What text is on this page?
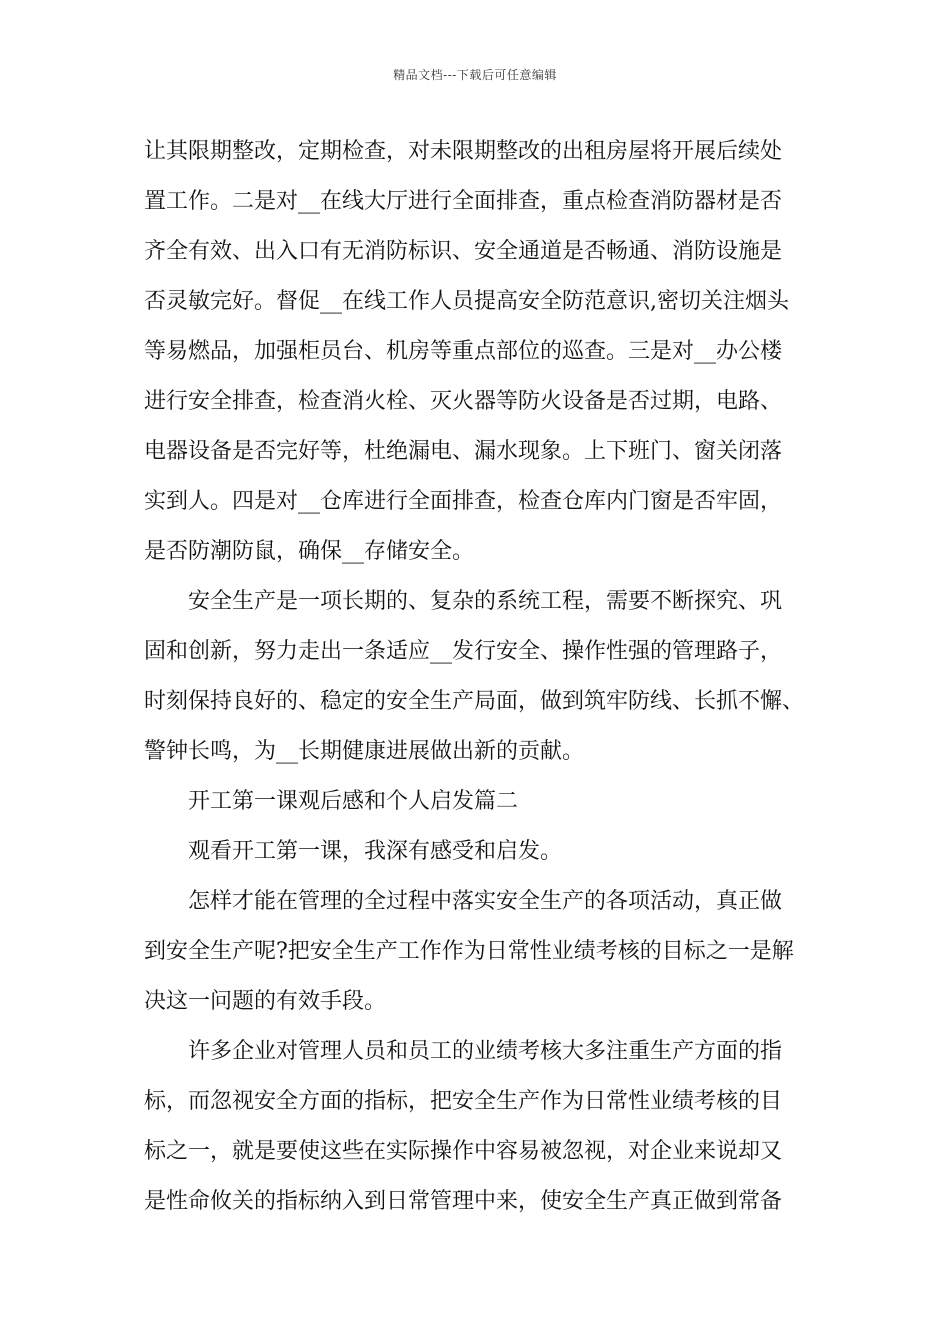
精品文档---下载后可任意编辑

让其限期整改，定期检查，对未限期整改的出租房屋将开展后续处

置工作。二是对__在线大厅进行全面排查，重点检查消防器材是否

齐全有效、出入口有无消防标识、安全通道是否畅通、消防设施是

否灵敏完好。督促__在线工作人员提高安全防范意识,密切关注烟头

等易燃品，加强柜员台、机房等重点部位的巡查。三是对__办公楼

进行安全排查，检查消火栓、灭火器等防火设备是否过期，电路、

电器设备是否完好等，杜绝漏电、漏水现象。上下班门、窗关闭落

实到人。四是对__仓库进行全面排查，检查仓库内门窗是否牢固，

是否防潮防鼠，确保__存储安全。

安全生产是一项长期的、复杂的系统工程，需要不断探究、巩

固和创新，努力走出一条适应__发行安全、操作性强的管理路子，

时刻保持良好的、稳定的安全生产局面，做到筑牢防线、长抓不懈、

警钟长鸣，为__长期健康进展做出新的贡献。

开工第一课观后感和个人启发篇二

观看开工第一课，我深有感受和启发。

怎样才能在管理的全过程中落实安全生产的各项活动，真正做

到安全生产呢?把安全生产工作作为日常性业绩考核的目标之一是解

决这一问题的有效手段。

许多企业对管理人员和员工的业绩考核大多注重生产方面的指

标，而忽视安全方面的指标，把安全生产作为日常性业绩考核的目

标之一，就是要使这些在实际操作中容易被忽视，对企业来说却又

是性命攸关的指标纳入到日常管理中来，使安全生产真正做到常备
